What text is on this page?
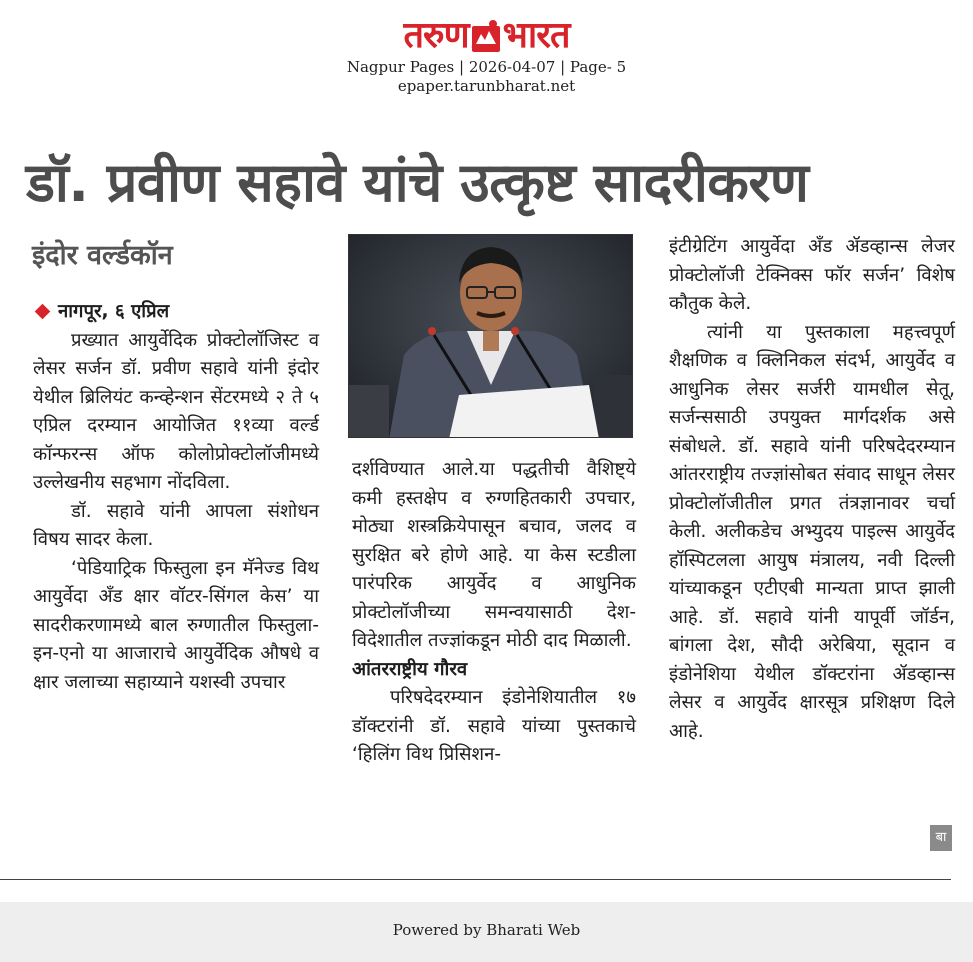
तरुण न डरेंगे न झुकेंगे भारत
Nagpur Pages | 2026-04-07 | Page- 5
epaper.tarunbharat.net
डॉ. प्रवीण सहावे यांचे उत्कृष्ट सादरीकरण
इंदोर वर्ल्डकॉन
नागपूर, ६ एप्रिल

प्रख्यात आयुर्वेदिक प्रोक्टोलॉजिस्ट व लेसर सर्जन डॉ. प्रवीण सहावे यांनी इंदोर येथील ब्रिलियंट कन्व्हेन्शन सेंटरमध्ये २ ते ५ एप्रिल दरम्यान आयोजित ११व्या वर्ल्ड कॉन्फरन्स ऑफ कोलोप्रोक्टोलॉजीमध्ये उल्लेखनीय सहभाग नोंदविला.

डॉ. सहावे यांनी आपला संशोधन विषय सादर केला.

‘पेडियाट्रिक फिस्तुला इन मॅनेज्ड विथ आयुर्वेदा अँड क्षार वॉटर-सिंगल केस’ या सादरीकरणामध्ये बाल रुग्णातील फिस्तुला-इन-एनो या आजाराचे आयुर्वेदिक औषधे व क्षार जलाच्या सहाय्याने यशस्वी उपचार

दर्शविण्यात आले.या पद्धतीची वैशिष्ट्ये कमी हस्तक्षेप व रुग्णहितकारी उपचार, मोठ्या शस्त्रक्रियेपासून बचाव, जलद व सुरक्षित बरे होणे आहे. या केस स्टडीला पारंपरिक आयुर्वेद व आधुनिक प्रोक्टोलॉजीच्या समन्वयासाठी देश-विदेशातील तज्ज्ञांकडून मोठी दाद मिळाली.

आंतरराष्ट्रीय गौरव

परिषदेदरम्यान इंडोनेशियातील १७ डॉक्टरांनी डॉ. सहावे यांच्या पुस्तकाचे ‘हिलिंग विथ प्रिसिशन-

इंटीग्रेटिंग आयुर्वेदा अँड ॲडव्हान्स लेजर प्रोक्टोलॉजी टेक्निक्स फॉर सर्जन’ विशेष कौतुक केले.

त्यांनी या पुस्तकाला महत्त्वपूर्ण शैक्षणिक व क्लिनिकल संदर्भ, आयुर्वेद व आधुनिक लेसर सर्जरी यामधील सेतू, सर्जन्ससाठी उपयुक्त मार्गदर्शक असे संबोधले. डॉ. सहावे यांनी परिषदेदरम्यान आंतरराष्ट्रीय तज्ज्ञांसोबत संवाद साधून लेसर प्रोक्टोलॉजीतील प्रगत तंत्रज्ञानावर चर्चा केली. अलीकडेच अभ्युदय पाइल्स आयुर्वेद हॉस्पिटलला आयुष मंत्रालय, नवी दिल्ली यांच्याकडून एटीएबी मान्यता प्राप्त झाली आहे. डॉ. सहावे यांनी यापूर्वी जॉर्डन, बांगला देश, सौदी अरेबिया, सूदान व इंडोनेशिया येथील डॉक्टरांना ॲडव्हान्स लेसर व आयुर्वेद क्षारसूत्र प्रशिक्षण दिले आहे.

बा
Powered by Bharati Web
